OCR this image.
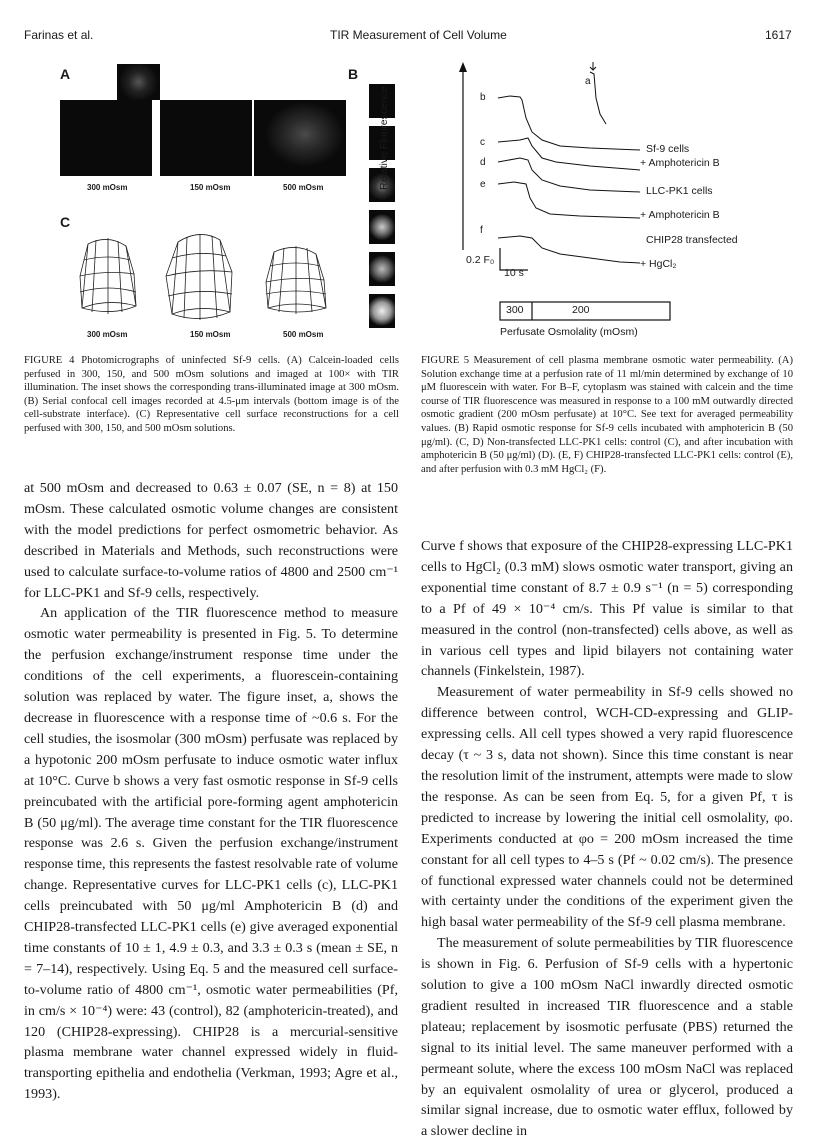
Farinas et al.	TIR Measurement of Cell Volume	1617
A	B
C
300 mOsm	150 mOsm	500 mOsm
300 mOsm	150 mOsm	500 mOsm
Relative Fluorescence
a
b
c
d
e
f
Sf-9 cells
+ Amphotericin B
LLC-PK1 cells
+ Amphotericin B
CHIP28 transfected
+ HgCl₂
0.2 F₀
10 s
300	200
Perfusate Osmolality (mOsm)
FIGURE 4 Photomicrographs of uninfected Sf-9 cells. (A) Calcein-loaded cells perfused in 300, 150, and 500 mOsm solutions and imaged at 100× with TIR illumination. The inset shows the corresponding trans-illuminated image at 300 mOsm. (B) Serial confocal cell images recorded at 4.5-μm intervals (bottom image is of the cell-substrate interface). (C) Representative cell surface reconstructions for a cell perfused with 300, 150, and 500 mOsm solutions.
FIGURE 5 Measurement of cell plasma membrane osmotic water permeability. (A) Solution exchange time at a perfusion rate of 11 ml/min determined by exchange of 10 μM fluorescein with water. For B–F, cytoplasm was stained with calcein and the time course of TIR fluorescence was measured in response to a 100 mM outwardly directed osmotic gradient (200 mOsm perfusate) at 10°C. See text for averaged permeability values. (B) Rapid osmotic response for Sf-9 cells incubated with amphotericin B (50 μg/ml). (C, D) Non-transfected LLC-PK1 cells: control (C), and after incubation with amphotericin B (50 μg/ml) (D). (E, F) CHIP28-transfected LLC-PK1 cells: control (E), and after perfusion with 0.3 mM HgCl₂ (F).

at 500 mOsm and decreased to 0.63 ± 0.07 (SE, n = 8) at 150 mOsm. These calculated osmotic volume changes are consistent with the model predictions for perfect osmometric behavior. As described in Materials and Methods, such reconstructions were used to calculate surface-to-volume ratios of 4800 and 2500 cm⁻¹ for LLC-PK1 and Sf-9 cells, respectively.

An application of the TIR fluorescence method to measure osmotic water permeability is presented in Fig. 5. To determine the perfusion exchange/instrument response time under the conditions of the cell experiments, a fluorescein-containing solution was replaced by water. The figure inset, a, shows the decrease in fluorescence with a response time of ~0.6 s. For the cell studies, the isosmolar (300 mOsm) perfusate was replaced by a hypotonic 200 mOsm perfusate to induce osmotic water influx at 10°C. Curve b shows a very fast osmotic response in Sf-9 cells preincubated with the artificial pore-forming agent amphotericin B (50 μg/ml). The average time constant for the TIR fluorescence response was 2.6 s. Given the perfusion exchange/instrument response time, this represents the fastest resolvable rate of volume change. Representative curves for LLC-PK1 cells (c), LLC-PK1 cells preincubated with 50 μg/ml Amphotericin B (d) and CHIP28-transfected LLC-PK1 cells (e) give averaged exponential time constants of 10 ± 1, 4.9 ± 0.3, and 3.3 ± 0.3 s (mean ± SE, n = 7–14), respectively. Using Eq. 5 and the measured cell surface-to-volume ratio of 4800 cm⁻¹, osmotic water permeabilities (Pf, in cm/s × 10⁻⁴) were: 43 (control), 82 (amphotericin-treated), and 120 (CHIP28-expressing). CHIP28 is a mercurial-sensitive plasma membrane water channel expressed widely in fluid-transporting epithelia and endothelia (Verkman, 1993; Agre et al., 1993).

Curve f shows that exposure of the CHIP28-expressing LLC-PK1 cells to HgCl₂ (0.3 mM) slows osmotic water transport, giving an exponential time constant of 8.7 ± 0.9 s⁻¹ (n = 5) corresponding to a Pf of 49 × 10⁻⁴ cm/s. This Pf value is similar to that measured in the control (non-transfected) cells above, as well as in various cell types and lipid bilayers not containing water channels (Finkelstein, 1987).

Measurement of water permeability in Sf-9 cells showed no difference between control, WCH-CD-expressing and GLIP-expressing cells. All cell types showed a very rapid fluorescence decay (τ ~ 3 s, data not shown). Since this time constant is near the resolution limit of the instrument, attempts were made to slow the response. As can be seen from Eq. 5, for a given Pf, τ is predicted to increase by lowering the initial cell osmolality, φo. Experiments conducted at φo = 200 mOsm increased the time constant for all cell types to 4–5 s (Pf ~ 0.02 cm/s). The presence of functional expressed water channels could not be determined with certainty under the conditions of the experiment given the high basal water permeability of the Sf-9 cell plasma membrane.

The measurement of solute permeabilities by TIR fluorescence is shown in Fig. 6. Perfusion of Sf-9 cells with a hypertonic solution to give a 100 mOsm NaCl inwardly directed osmotic gradient resulted in increased TIR fluorescence and a stable plateau; replacement by isosmotic perfusate (PBS) returned the signal to its initial level. The same maneuver performed with a permeant solute, where the excess 100 mOsm NaCl was replaced by an equivalent osmolality of urea or glycerol, produced a similar signal increase, due to osmotic water efflux, followed by a slower decline in
